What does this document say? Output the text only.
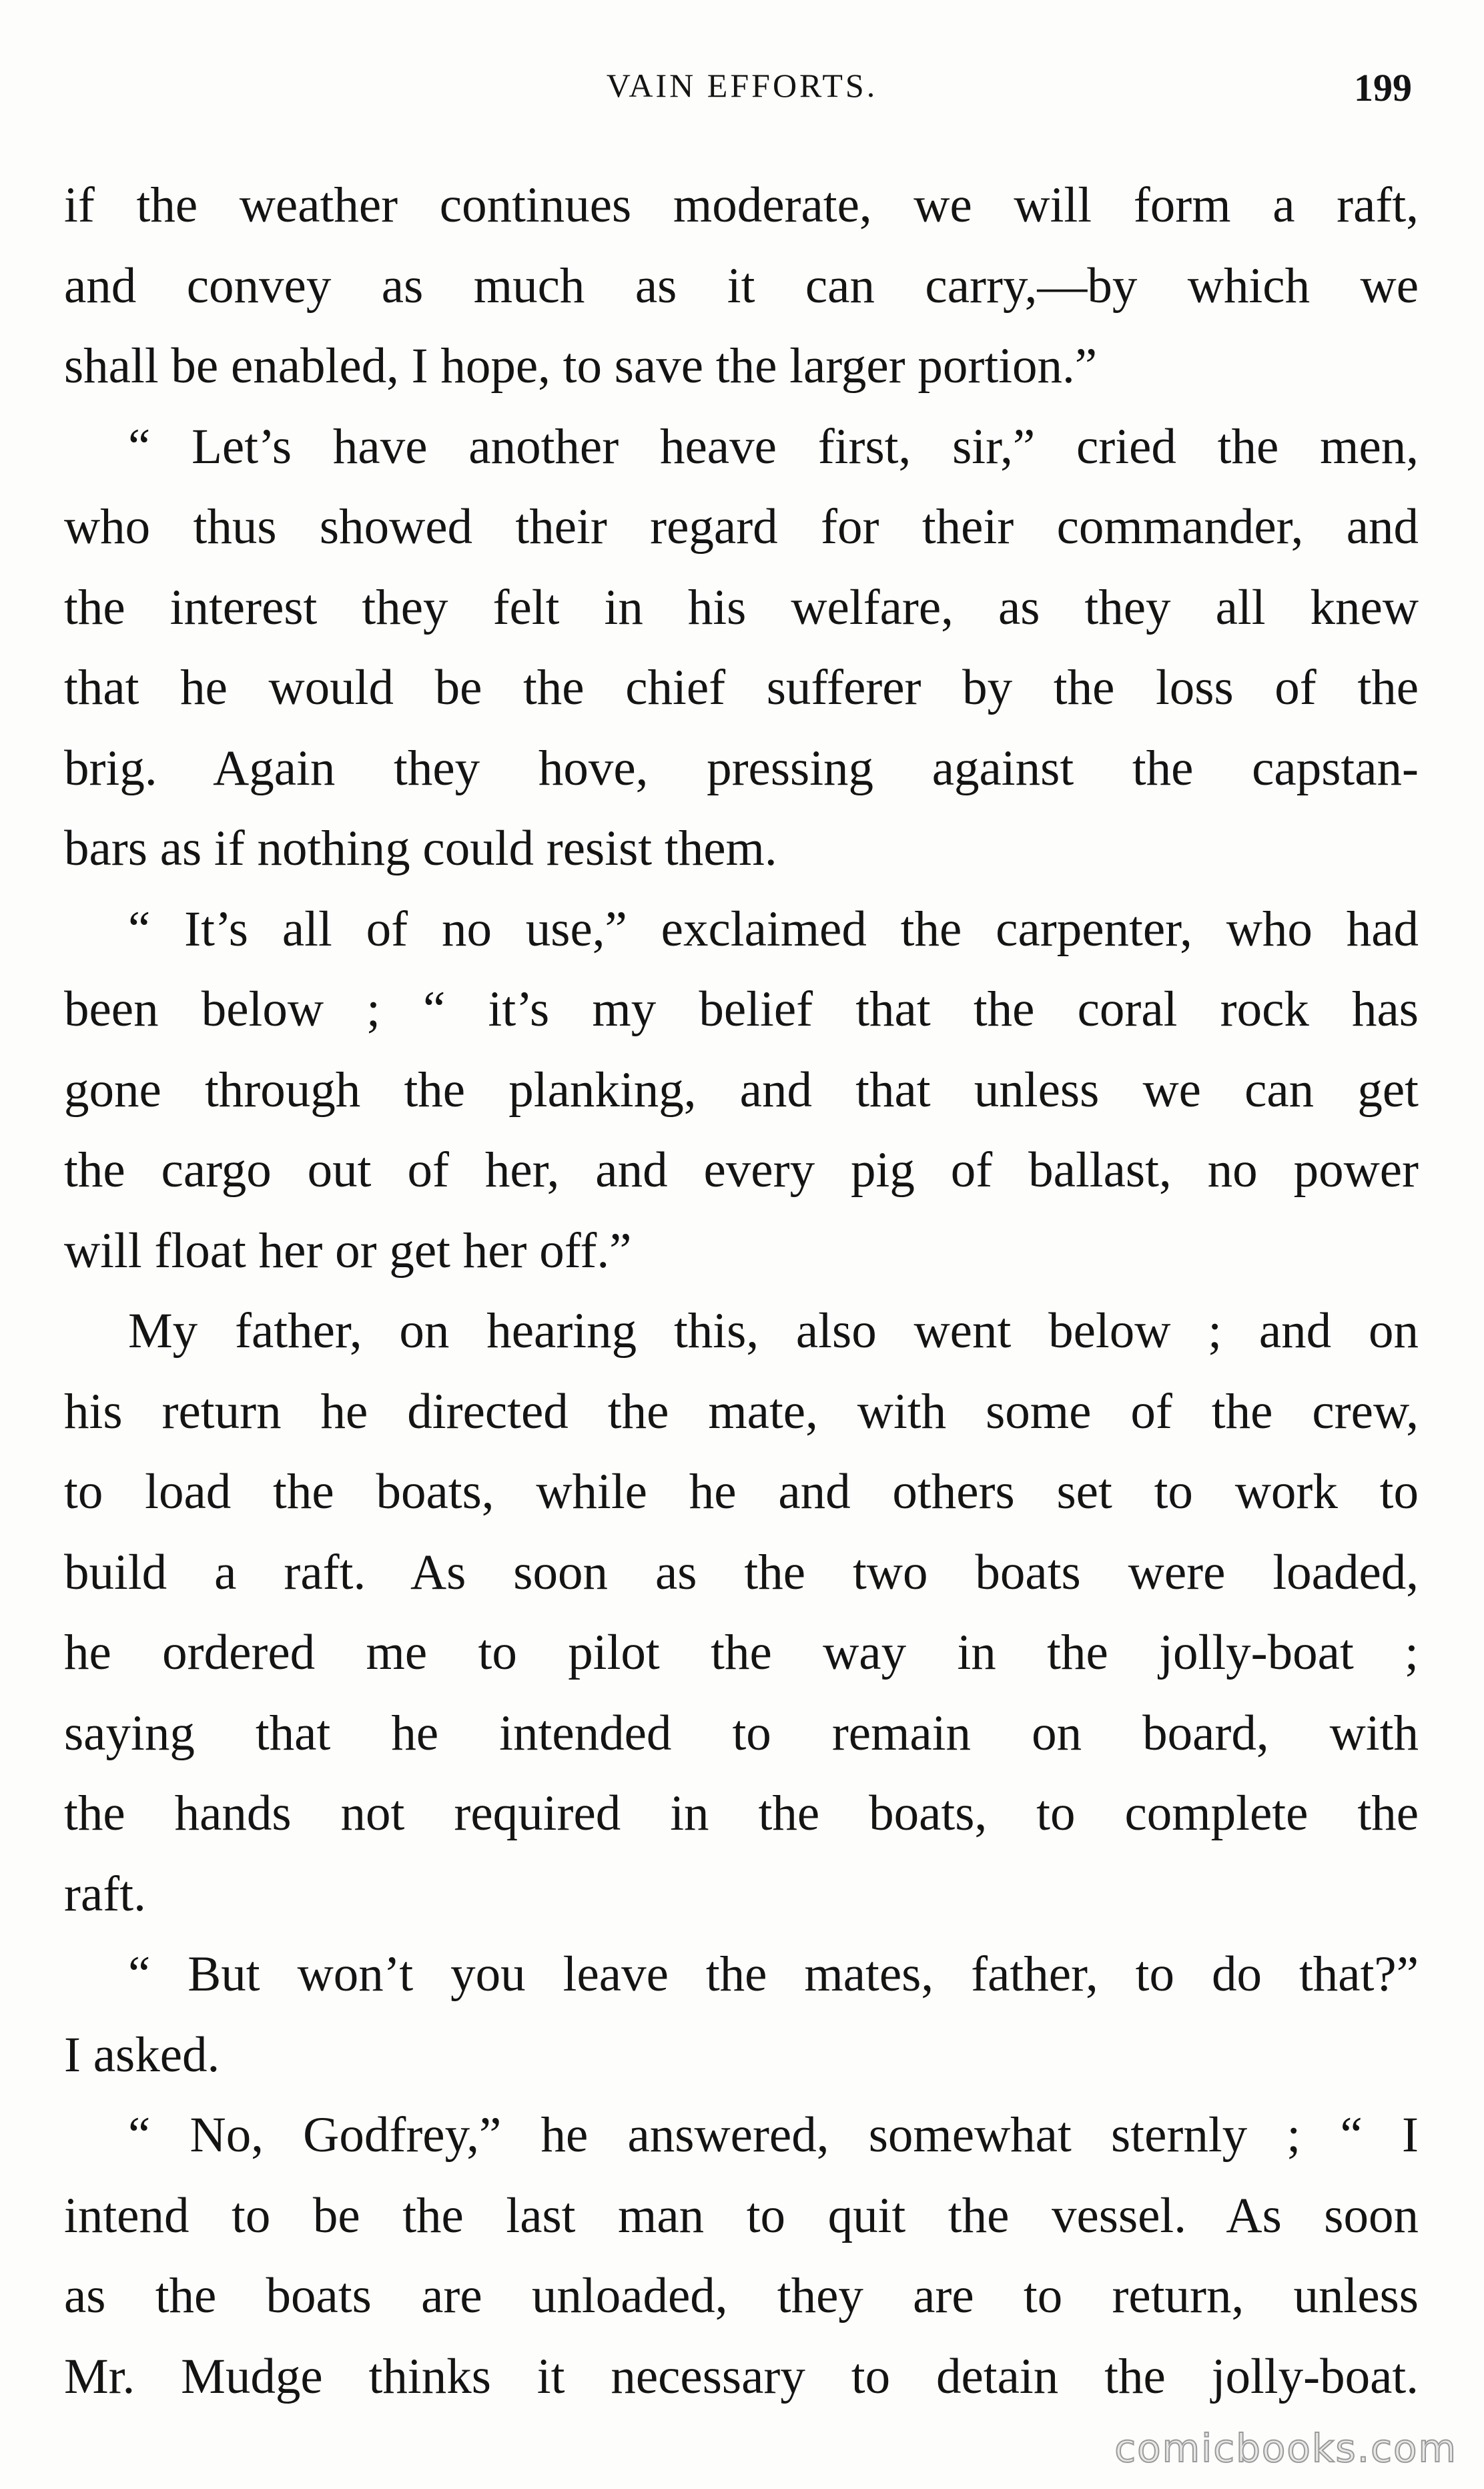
VAIN EFFORTS.	199
if the weather continues moderate, we will form a raft,
and convey as much as it can carry,—by which we
shall be enabled, I hope, to save the larger portion.”
“ Let’s have another heave first, sir,” cried the men,
who thus showed their regard for their commander, and
the interest they felt in his welfare, as they all knew
that he would be the chief sufferer by the loss of the
brig. Again they hove, pressing against the capstan-
bars as if nothing could resist them.
“ It’s all of no use,” exclaimed the carpenter, who had
been below ; “ it’s my belief that the coral rock has
gone through the planking, and that unless we can get
the cargo out of her, and every pig of ballast, no power
will float her or get her off.”
My father, on hearing this, also went below ; and on
his return he directed the mate, with some of the crew,
to load the boats, while he and others set to work to
build a raft. As soon as the two boats were loaded,
he ordered me to pilot the way in the jolly-boat ;
saying that he intended to remain on board, with
the hands not required in the boats, to complete the
raft.
“ But won’t you leave the mates, father, to do that?”
I asked.
“ No, Godfrey,” he answered, somewhat sternly ; “ I
intend to be the last man to quit the vessel. As soon
as the boats are unloaded, they are to return, unless
Mr. Mudge thinks it necessary to detain the jolly-boat.
comicbooks.com
